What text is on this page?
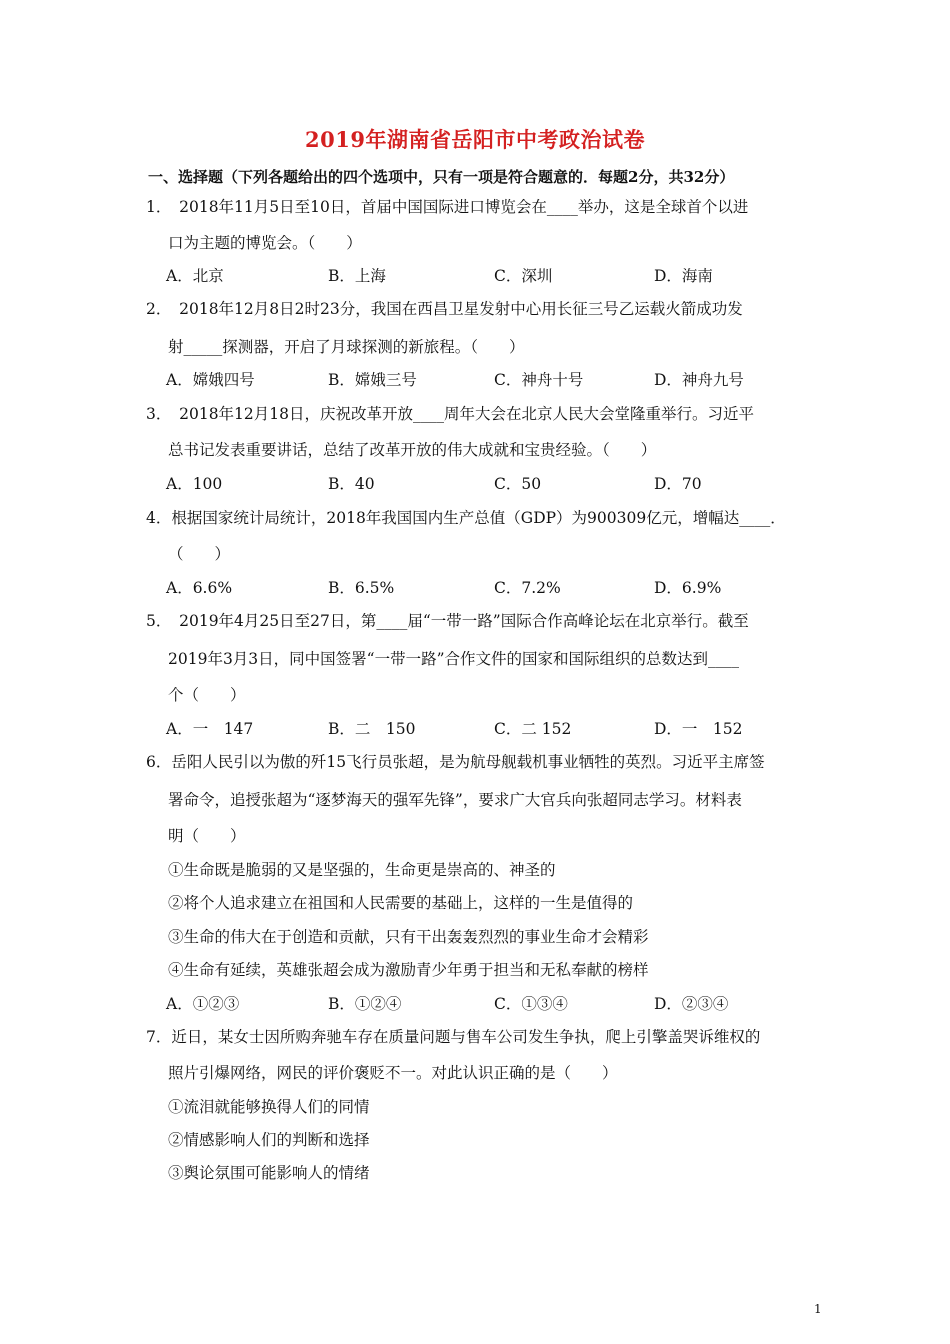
2019年湖南省岳阳市中考政治试卷
一、选择题（下列各题给出的四个选项中，只有一项是符合题意的．每题2分，共32分）
1．　2018年11月5日至10日，首届中国国际进口博览会在____举办，这是全球首个以进
口为主题的博览会。（　　）
A．北京	B．上海	C．深圳	D．海南
2．　2018年12月8日2时23分，我国在西昌卫星发射中心用长征三号乙运载火箭成功发
射_____探测器，开启了月球探测的新旅程。（　　）
A．嫦娥四号	B．嫦娥三号	C．神舟十号	D．神舟九号
3．　2018年12月18日，庆祝改革开放____周年大会在北京人民大会堂隆重举行。习近平
总书记发表重要讲话，总结了改革开放的伟大成就和宝贵经验。（　　）
A．100	B．40	C．50	D．70
4．根据国家统计局统计，2018年我国国内生产总值（GDP）为900309亿元，增幅达____．
（　　）
A．6.6%	B．6.5%	C．7.2%	D．6.9%
5．　2019年4月25日至27日，第____届“一带一路”国际合作高峰论坛在北京举行。截至
2019年3月3日，同中国签署“一带一路”合作文件的国家和国际组织的总数达到____
个（　　）
A．一　147	B．二　150	C．二 152	D．一　152
6．岳阳人民引以为傲的歼15飞行员张超，是为航母舰载机事业牺牲的英烈。习近平主席签
署命令，追授张超为“逐梦海天的强军先锋”，要求广大官兵向张超同志学习。材料表
明（　　）
①生命既是脆弱的又是坚强的，生命更是崇高的、神圣的
②将个人追求建立在祖国和人民需要的基础上，这样的一生是值得的
③生命的伟大在于创造和贡献，只有干出轰轰烈烈的事业生命才会精彩
④生命有延续，英雄张超会成为激励青少年勇于担当和无私奉献的榜样
A．①②③	B．①②④	C．①③④	D．②③④
7．近日，某女士因所购奔驰车存在质量问题与售车公司发生争执，爬上引擎盖哭诉维权的
照片引爆网络，网民的评价褒贬不一。对此认识正确的是（　　）
①流泪就能够换得人们的同情
②情感影响人们的判断和选择
③舆论氛围可能影响人的情绪
1
